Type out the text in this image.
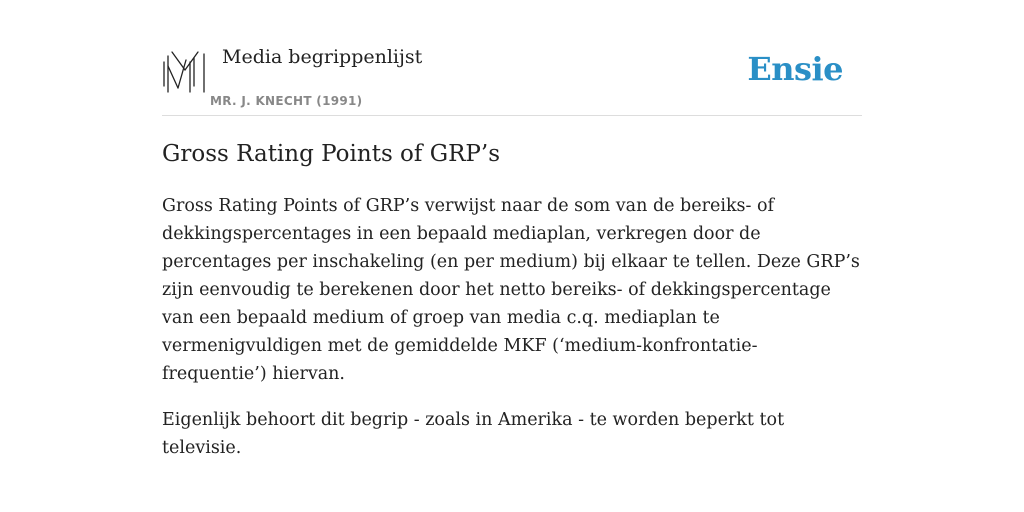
Media begrippenlijst
MR. J. KNECHT (1991)
Ensie
Gross Rating Points of GRP’s

Gross Rating Points of GRP’s verwijst naar de som van de bereiks- of dekkingspercentages in een bepaald mediaplan, verkregen door de percentages per inschakeling (en per medium) bij elkaar te tellen. Deze GRP’s zijn eenvoudig te berekenen door het netto bereiks- of dekkingspercentage van een bepaald medium of groep van media c.q. mediaplan te vermenigvuldigen met de gemiddelde MKF (‘medium-konfrontatie-frequentie’) hiervan.

Eigenlijk behoort dit begrip - zoals in Amerika - te worden beperkt tot televisie.
